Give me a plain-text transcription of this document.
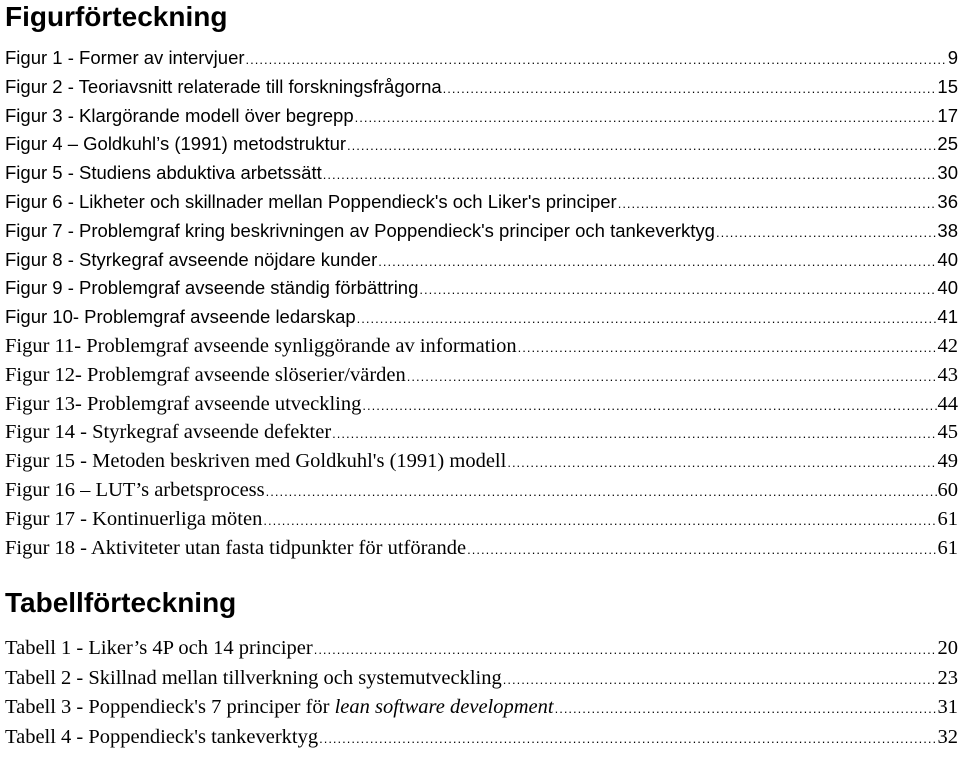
Figurförteckning
Figur 1 - Former av intervjuer .....	9
Figur 2 - Teoriavsnitt relaterade till forskningsfrågorna .....	15
Figur 3 - Klargörande modell över begrepp .....	17
Figur 4 – Goldkuhl’s (1991) metodstruktur .....	25
Figur 5 - Studiens abduktiva arbetssätt .....	30
Figur 6 - Likheter och skillnader mellan Poppendieck's och Liker's principer .....	36
Figur 7 - Problemgraf kring beskrivningen av Poppendieck's principer och tankeverktyg .....	38
Figur 8 - Styrkegraf avseende nöjdare kunder .....	40
Figur 9 - Problemgraf avseende ständig förbättring .....	40
Figur 10- Problemgraf avseende ledarskap .....	41
Figur 11- Problemgraf avseende synliggörande av information .....	42
Figur 12- Problemgraf avseende slöserier/värden .....	43
Figur 13- Problemgraf avseende utveckling .....	44
Figur 14 - Styrkegraf avseende defekter .....	45
Figur 15 - Metoden beskriven med Goldkuhl's (1991) modell .....	49
Figur 16 – LUT’s arbetsprocess .....	60
Figur 17 - Kontinuerliga möten .....	61
Figur 18 - Aktiviteter utan fasta tidpunkter för utförande .....	61
Tabellförteckning
Tabell 1 - Liker’s 4P och 14 principer .....	20
Tabell 2 - Skillnad mellan tillverkning och systemutveckling .....	23
Tabell 3 - Poppendieck's 7 principer för lean software development .....	31
Tabell 4 - Poppendieck's tankeverktyg .....	32
